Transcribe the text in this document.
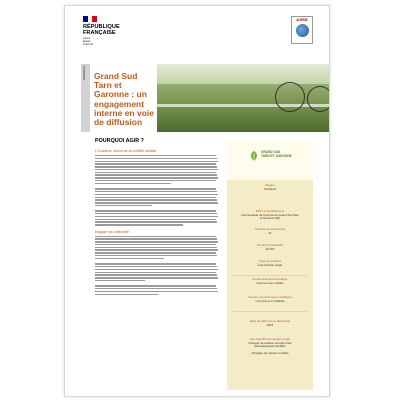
RÉPUBLIQUE
FRANÇAISE
Liberté
Égalité
Fraternité
ADEME
EXEMPLE Grand Sud Tarn et Garonne : un engagement interne en voie de diffusion
POURQUOI AGIR ?
L'Occitanie, acteur de la mobilité durable
Engager sa collectivité
GRAND SUD
TARN ET GARONNE
Région
Occitanie
EPCI et Département
Communauté de Communes Grand Sud Tarn
et Garonne (82)
Nombre de communes
21
Nombre d'habitants
40 000
Type de territoire
À dominante rurale
Ancienneté de la stratégie
Interne et de mobilité
Nombre de personnes mobilisées
1 service et 2 mobilités
Date de début de la démarche
2016
Les objectifs de l'équipe projet
Changer de solution énergie d'été
Développement durable

Changée de mission mobilité
